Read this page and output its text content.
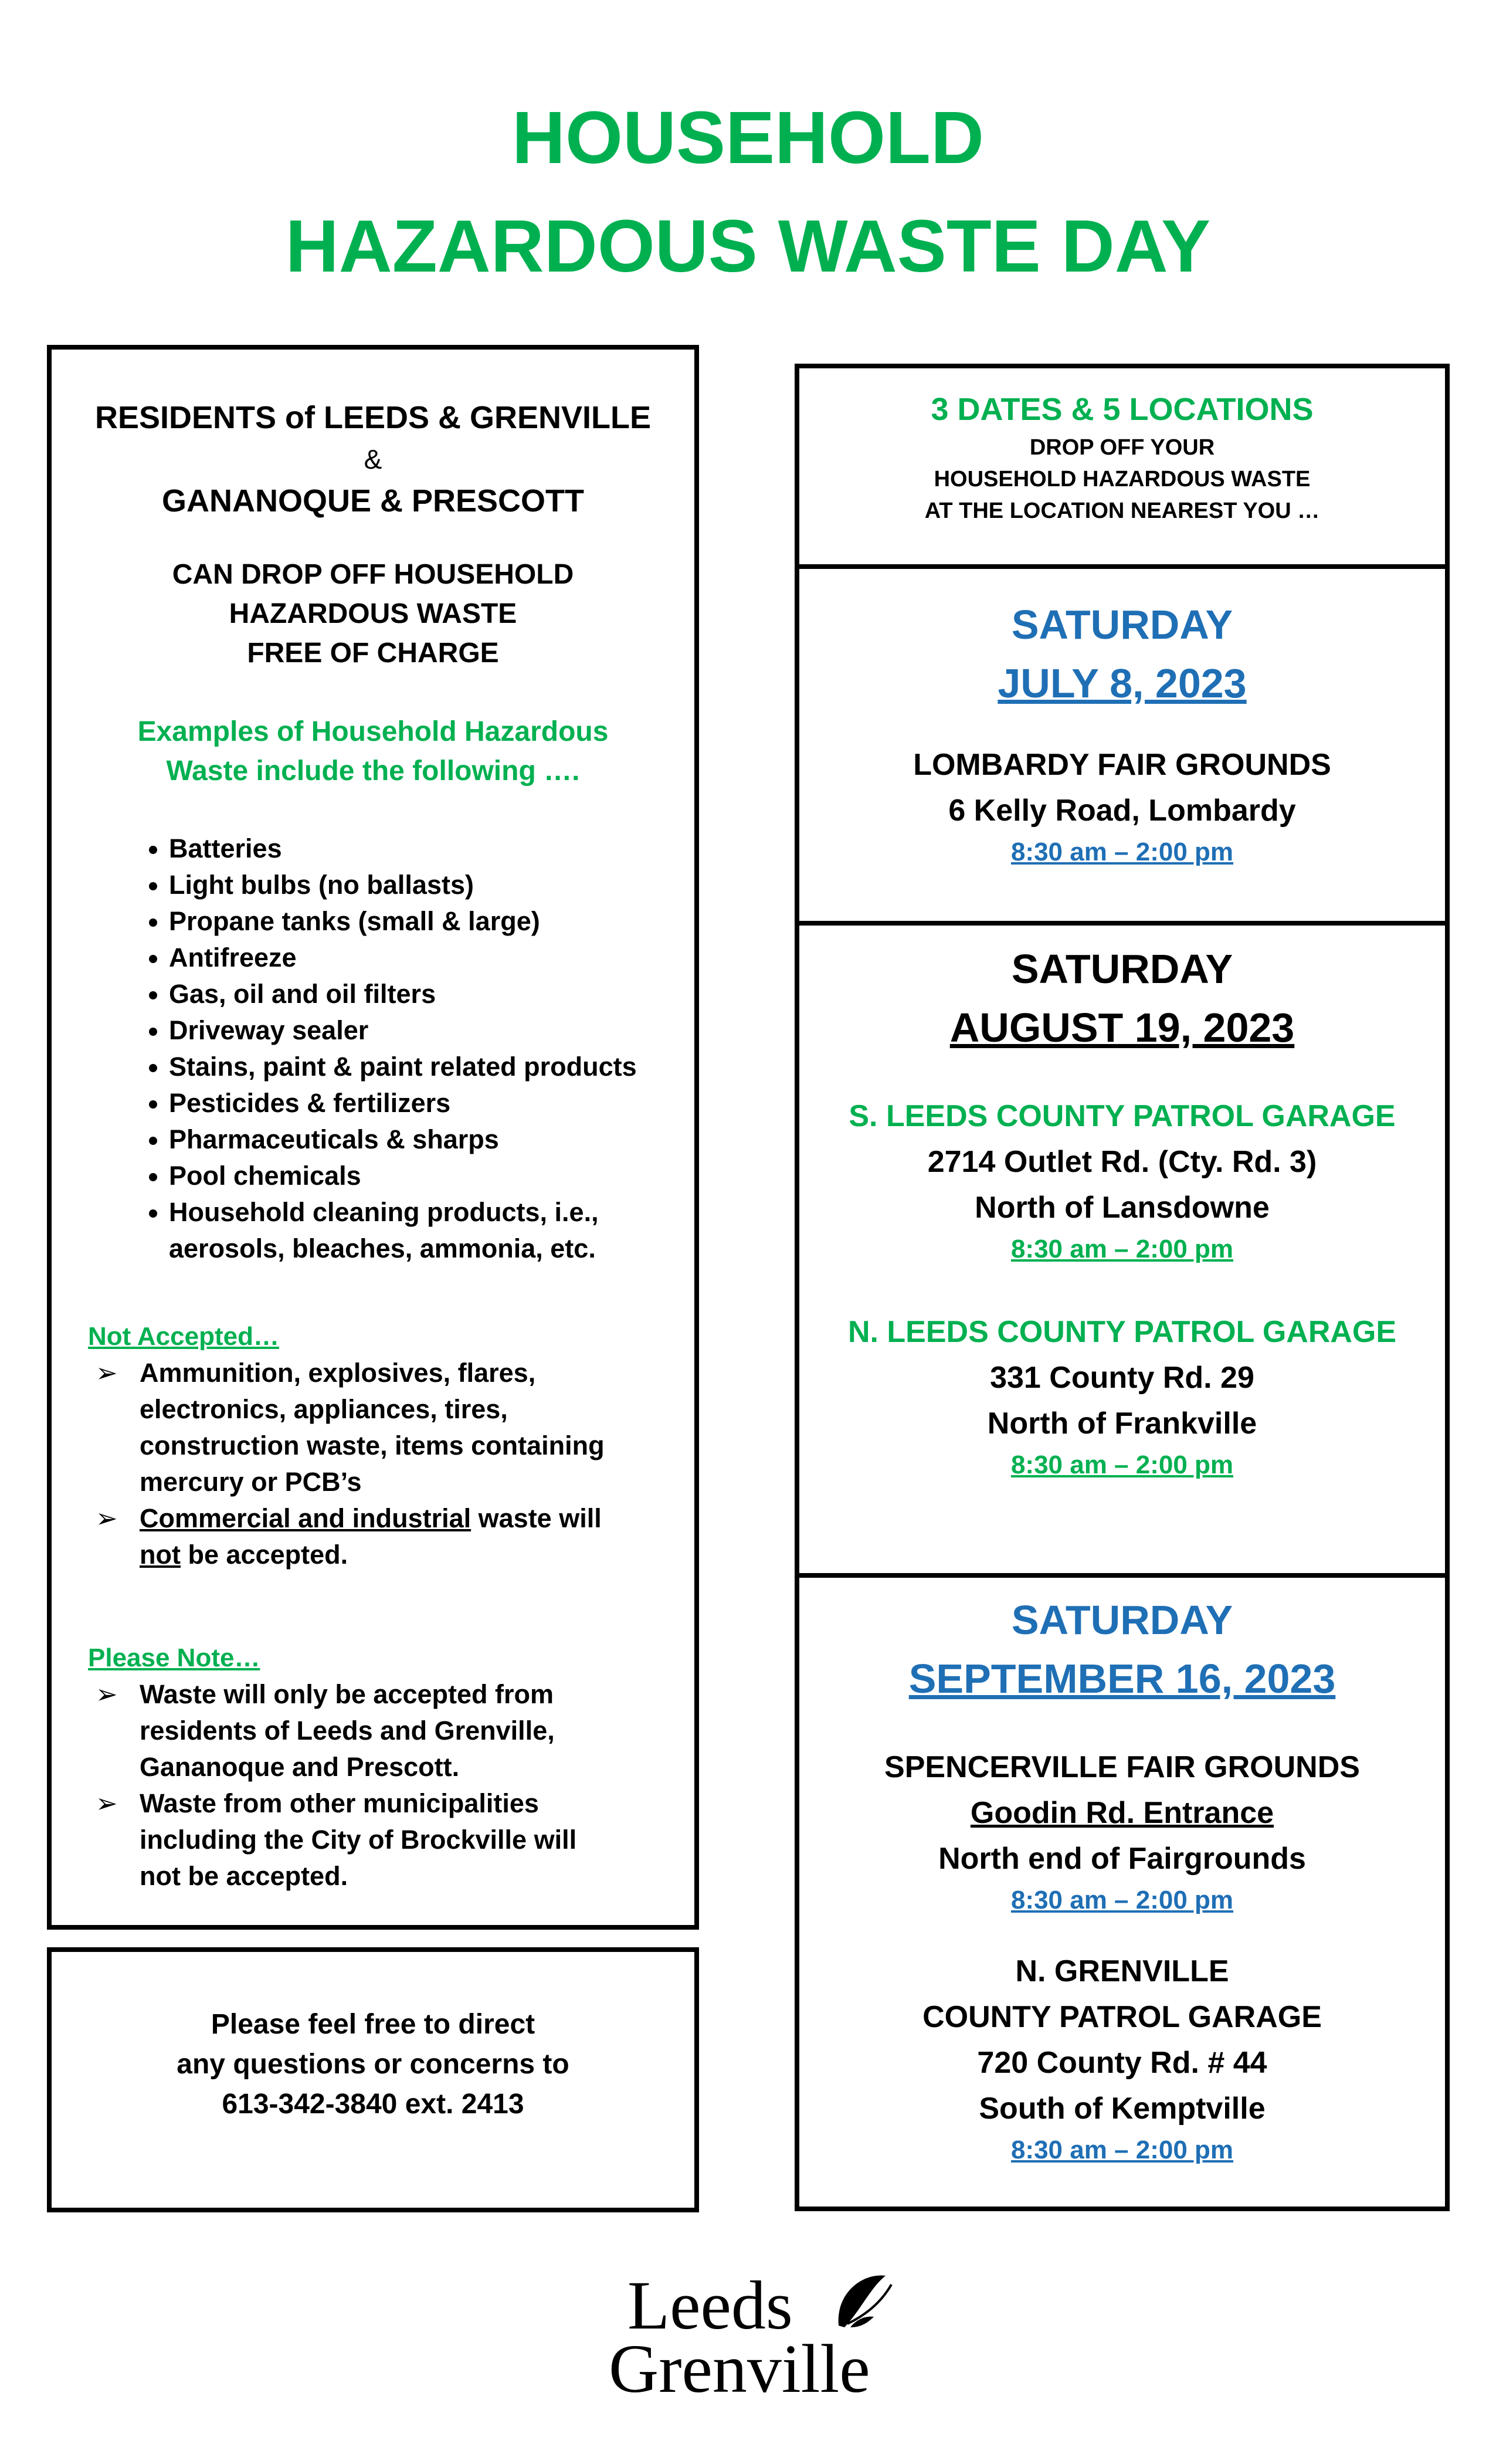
HOUSEHOLD
HAZARDOUS WASTE DAY
RESIDENTS of LEEDS & GRENVILLE
&
GANANOQUE & PRESCOTT
CAN DROP OFF HOUSEHOLD
HAZARDOUS WASTE
FREE OF CHARGE
Examples of Household Hazardous
Waste include the following ….
• Batteries
• Light bulbs (no ballasts)
• Propane tanks (small & large)
• Antifreeze
• Gas, oil and oil filters
• Driveway sealer
• Stains, paint & paint related products
• Pesticides & fertilizers
• Pharmaceuticals & sharps
• Pool chemicals
• Household cleaning products, i.e.,
aerosols, bleaches, ammonia, etc.
Not Accepted…
➢ Ammunition, explosives, flares,
electronics, appliances, tires,
construction waste, items containing
mercury or PCB’s
➢ Commercial and industrial waste will
not be accepted.
Please Note…
➢ Waste will only be accepted from
residents of Leeds and Grenville,
Gananoque and Prescott.
➢ Waste from other municipalities
including the City of Brockville will
not be accepted.
Please feel free to direct
any questions or concerns to
613-342-3840 ext. 2413
3 DATES & 5 LOCATIONS
DROP OFF YOUR
HOUSEHOLD HAZARDOUS WASTE
AT THE LOCATION NEAREST YOU …
SATURDAY
JULY 8, 2023
LOMBARDY FAIR GROUNDS
6 Kelly Road, Lombardy
8:30 am – 2:00 pm
SATURDAY
AUGUST 19, 2023
S. LEEDS COUNTY PATROL GARAGE
2714 Outlet Rd. (Cty. Rd. 3)
North of Lansdowne
8:30 am – 2:00 pm
N. LEEDS COUNTY PATROL GARAGE
331 County Rd. 29
North of Frankville
8:30 am – 2:00 pm
SATURDAY
SEPTEMBER 16, 2023
SPENCERVILLE FAIR GROUNDS
Goodin Rd. Entrance
North end of Fairgrounds
8:30 am – 2:00 pm
N. GRENVILLE
COUNTY PATROL GARAGE
720 County Rd. # 44
South of Kemptville
8:30 am – 2:00 pm
Leeds
Grenville
